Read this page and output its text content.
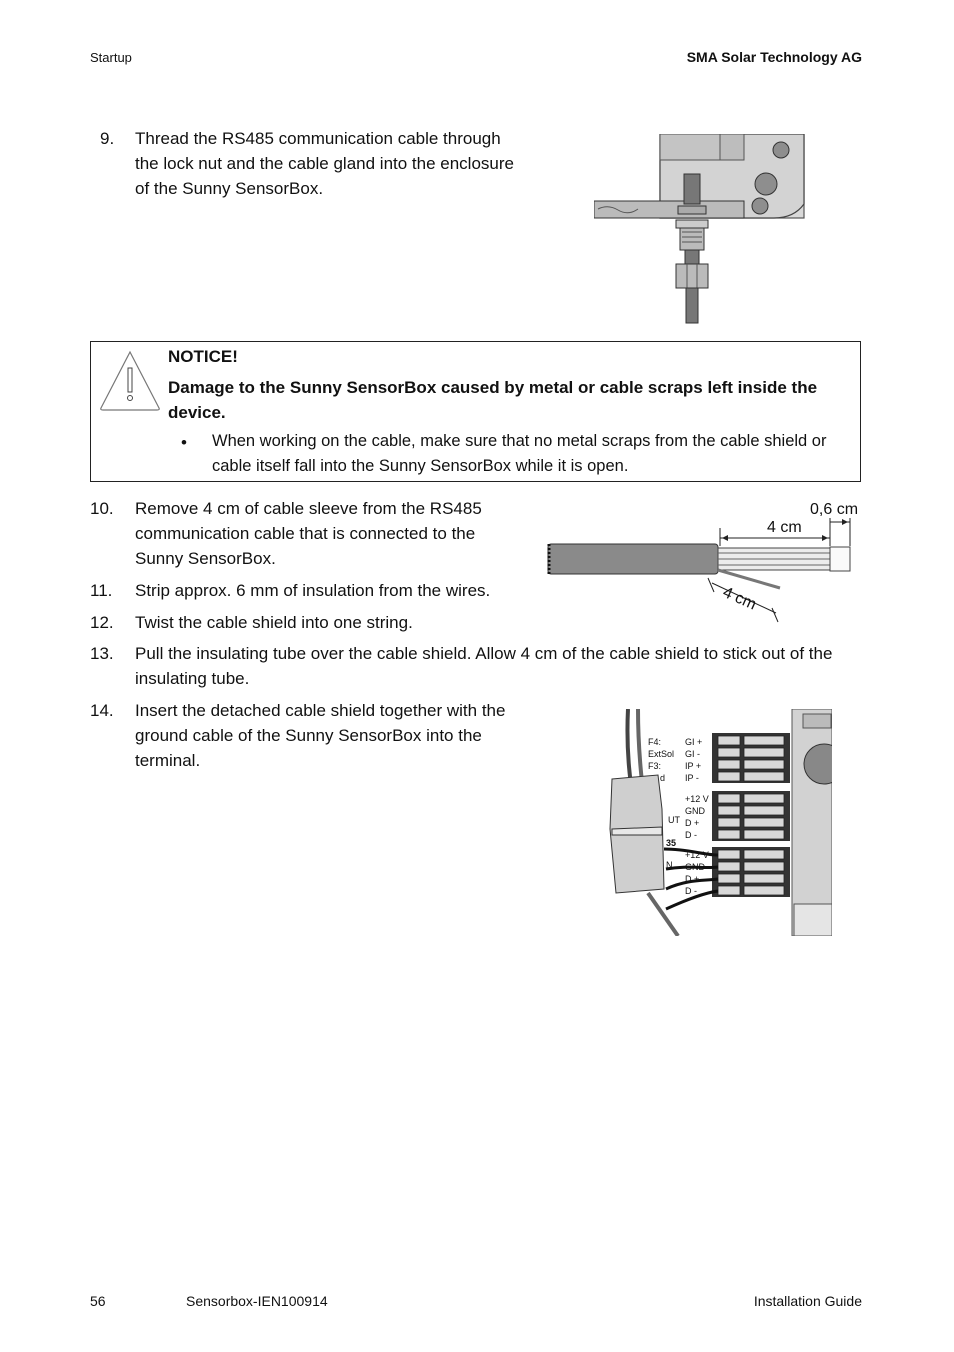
Startup	SMA Solar Technology AG
9. Thread the RS485 communication cable through
the lock nut and the cable gland into the enclosure
of the Sunny SensorBox.
NOTICE!
Damage to the Sunny SensorBox caused by metal or cable scraps left inside the
device.
• When working on the cable, make sure that no metal scraps from the cable shield or
cable itself fall into the Sunny SensorBox while it is open.
10. Remove 4 cm of cable sleeve from the RS485
communication cable that is connected to the
Sunny SensorBox.
0,6 cm
4 cm
4 cm
11. Strip approx. 6 mm of insulation from the wires.
12. Twist the cable shield into one string.
13. Pull the insulating tube over the cable shield. Allow 4 cm of the cable shield to stick out of the
insulating tube.
14. Insert the detached cable shield together with the
ground cable of the Sunny SensorBox into the
terminal.
F4:
ExtSol
F3:
d
UT
35
N
GI +
GI -
IP +
IP -
+12 V
GND
D +
D -
+12 V
GND
D +
D -
56	Sensorbox-IEN100914	Installation Guide
